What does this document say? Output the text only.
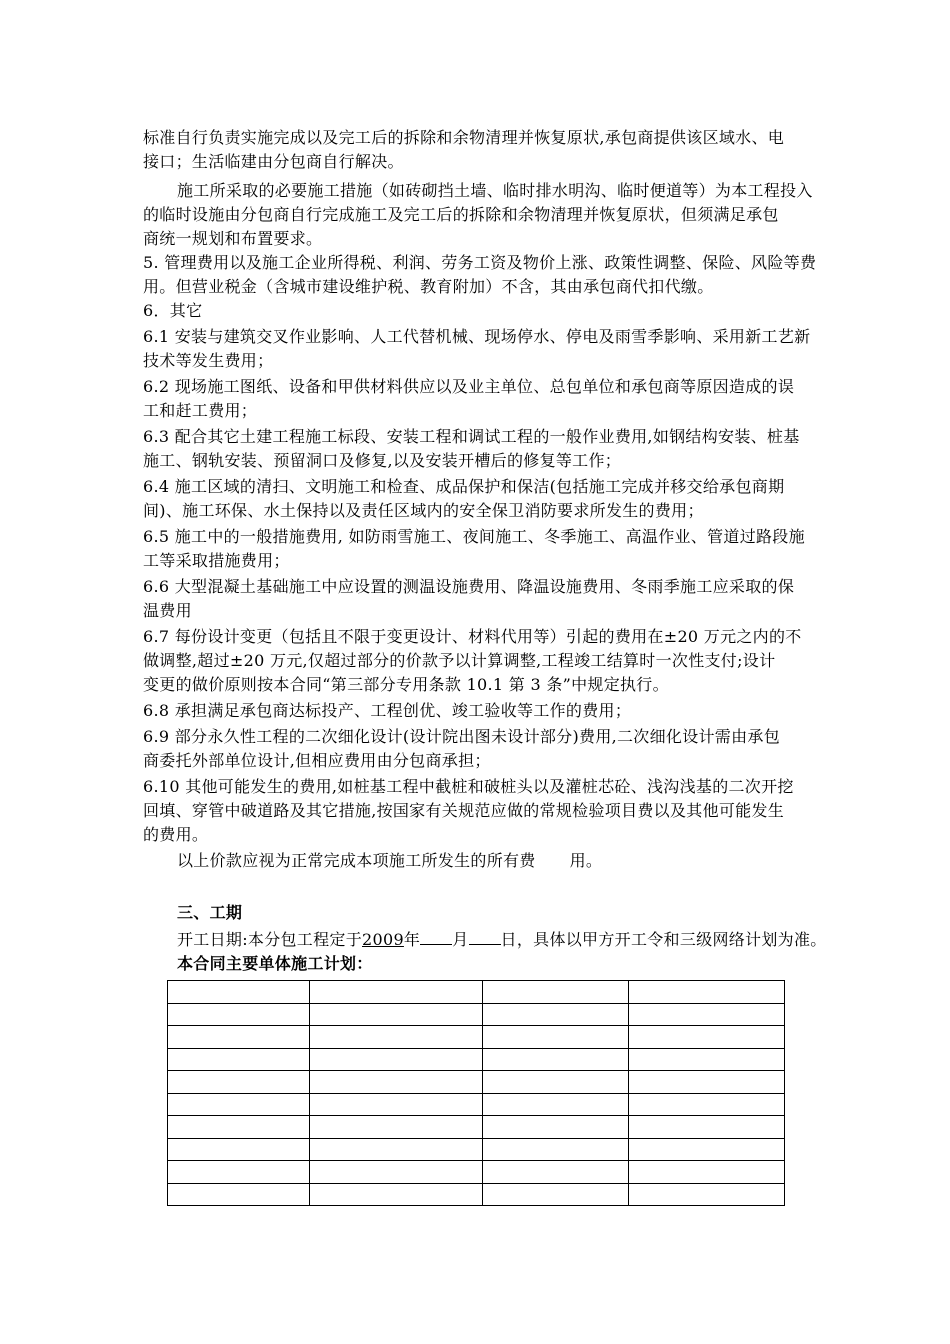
标准自行负责实施完成以及完工后的拆除和余物清理并恢复原状,承包商提供该区域水、电
接口；生活临建由分包商自行解决。
施工所采取的必要施工措施（如砖砌挡土墙、临时排水明沟、临时便道等）为本工程投入
的临时设施由分包商自行完成施工及完工后的拆除和余物清理并恢复原状，但须满足承包
商统一规划和布置要求。
5. 管理费用以及施工企业所得税、利润、劳务工资及物价上涨、政策性调整、保险、风险等费
用。但营业税金（含城市建设维护税、教育附加）不含，其由承包商代扣代缴。
6．其它
6.1 安装与建筑交叉作业影响、人工代替机械、现场停水、停电及雨雪季影响、采用新工艺新
技术等发生费用；
6.2 现场施工图纸、设备和甲供材料供应以及业主单位、总包单位和承包商等原因造成的误
工和赶工费用；
6.3 配合其它土建工程施工标段、安装工程和调试工程的一般作业费用,如钢结构安装、桩基
施工、钢轨安装、预留洞口及修复,以及安装开槽后的修复等工作；
6.4 施工区域的清扫、文明施工和检查、成品保护和保洁(包括施工完成并移交给承包商期
间)、施工环保、水土保持以及责任区域内的安全保卫消防要求所发生的费用；
6.5 施工中的一般措施费用, 如防雨雪施工、夜间施工、冬季施工、高温作业、管道过路段施
工等采取措施费用；
6.6 大型混凝土基础施工中应设置的测温设施费用、降温设施费用、冬雨季施工应采取的保
温费用
6.7 每份设计变更（包括且不限于变更设计、材料代用等）引起的费用在±20 万元之内的不
做调整,超过±20 万元,仅超过部分的价款予以计算调整,工程竣工结算时一次性支付;设计
变更的做价原则按本合同“第三部分专用条款 10.1 第 3 条”中规定执行。
6.8 承担满足承包商达标投产、工程创优、竣工验收等工作的费用；
6.9 部分永久性工程的二次细化设计(设计院出图未设计部分)费用,二次细化设计需由承包
商委托外部单位设计,但相应费用由分包商承担；
6.10 其他可能发生的费用,如桩基工程中截桩和破桩头以及灌桩芯砼、浅沟浅基的二次开挖
回填、穿管中破道路及其它措施,按国家有关规范应做的常规检验项目费以及其他可能发生
的费用。
以上价款应视为正常完成本项施工所发生的所有费 用。
三、工期
开工日期:本分包工程定于2009年 月 日，具体以甲方开工令和三级网络计划为准。
本合同主要单体施工计划：
